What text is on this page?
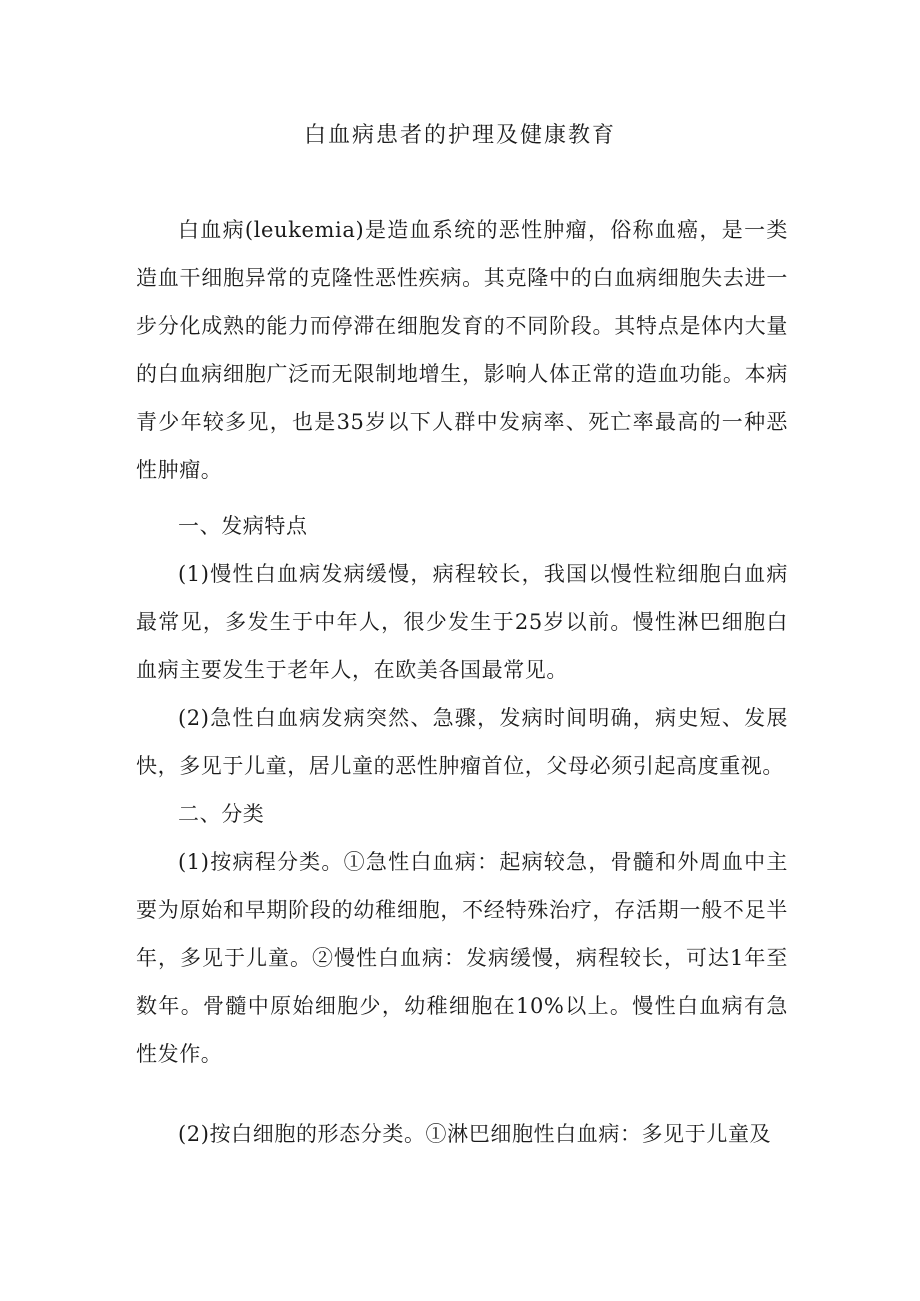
白血病患者的护理及健康教育

白血病(leukemia)是造血系统的恶性肿瘤，俗称血癌，是一类造血干细胞异常的克隆性恶性疾病。其克隆中的白血病细胞失去进一步分化成熟的能力而停滞在细胞发育的不同阶段。其特点是体内大量的白血病细胞广泛而无限制地增生，影响人体正常的造血功能。本病青少年较多见，也是35岁以下人群中发病率、死亡率最高的一种恶性肿瘤。

一、发病特点

(1)慢性白血病发病缓慢，病程较长，我国以慢性粒细胞白血病最常见，多发生于中年人，很少发生于25岁以前。慢性淋巴细胞白血病主要发生于老年人，在欧美各国最常见。

(2)急性白血病发病突然、急骤，发病时间明确，病史短、发展快，多见于儿童，居儿童的恶性肿瘤首位，父母必须引起高度重视。

二、分类

(1)按病程分类。①急性白血病：起病较急，骨髓和外周血中主要为原始和早期阶段的幼稚细胞，不经特殊治疗，存活期一般不足半年，多见于儿童。②慢性白血病：发病缓慢，病程较长，可达1年至数年。骨髓中原始细胞少，幼稚细胞在10%以上。慢性白血病有急性发作。

(2)按白细胞的形态分类。①淋巴细胞性白血病：多见于儿童及
